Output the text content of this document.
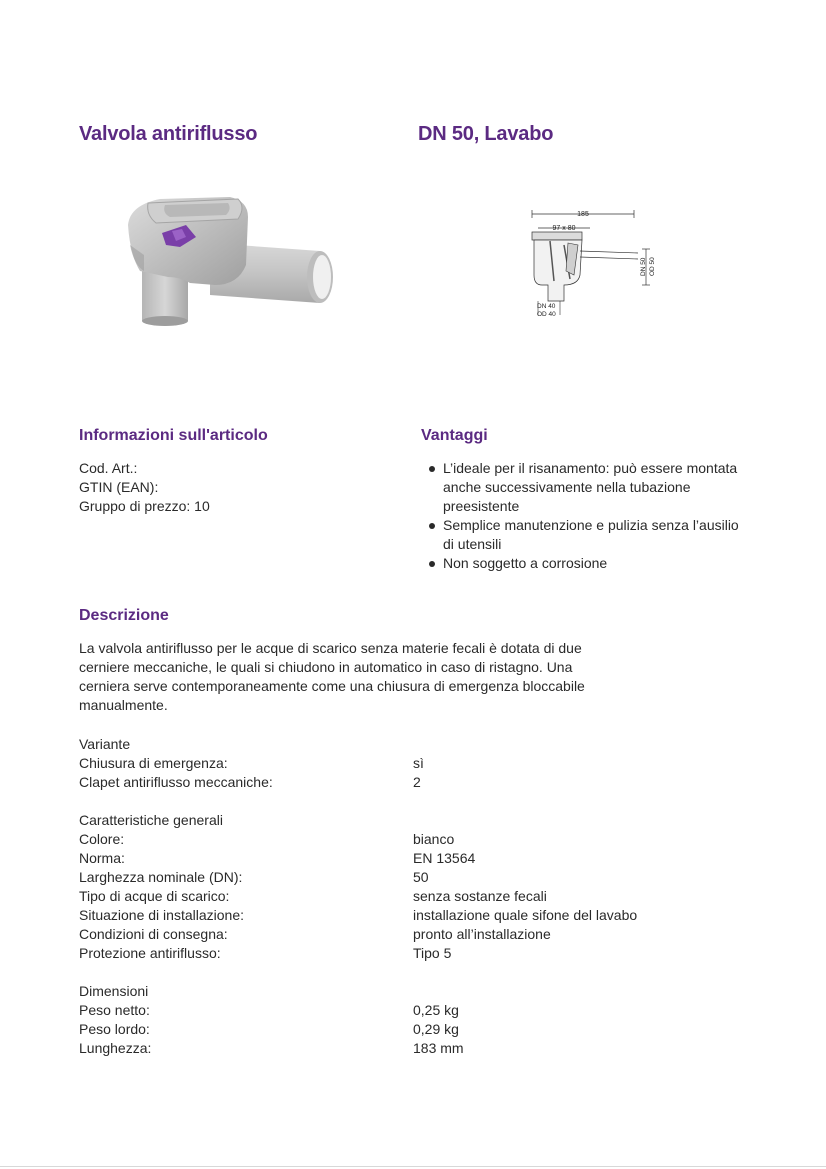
Valvola antiriflusso	DN 50, Lavabo
185
97 x 80
DN 50 OD 50
DN 40
OD 40
Informazioni sull'articolo
Cod. Art.:
GTIN (EAN):
Gruppo di prezzo: 10
Vantaggi
L’ideale per il risanamento: può essere montata anche successivamente nella tubazione preesistente
Semplice manutenzione e pulizia senza l’ausilio di utensili
Non soggetto a corrosione
Descrizione
La valvola antiriflusso per le acque di scarico senza materie fecali è dotata di due cerniere meccaniche, le quali si chiudono in automatico in caso di ristagno. Una cerniera serve contemporaneamente come una chiusura di emergenza bloccabile manualmente.
Variante
Chiusura di emergenza:	sì
Clapet antiriflusso meccaniche:	2
Caratteristiche generali
Colore:	bianco
Norma:	EN 13564
Larghezza nominale (DN):	50
Tipo di acque di scarico:	senza sostanze fecali
Situazione di installazione:	installazione quale sifone del lavabo
Condizioni di consegna:	pronto all’installazione
Protezione antiriflusso:	Tipo 5
Dimensioni
Peso netto:	0,25 kg
Peso lordo:	0,29 kg
Lunghezza:	183 mm
